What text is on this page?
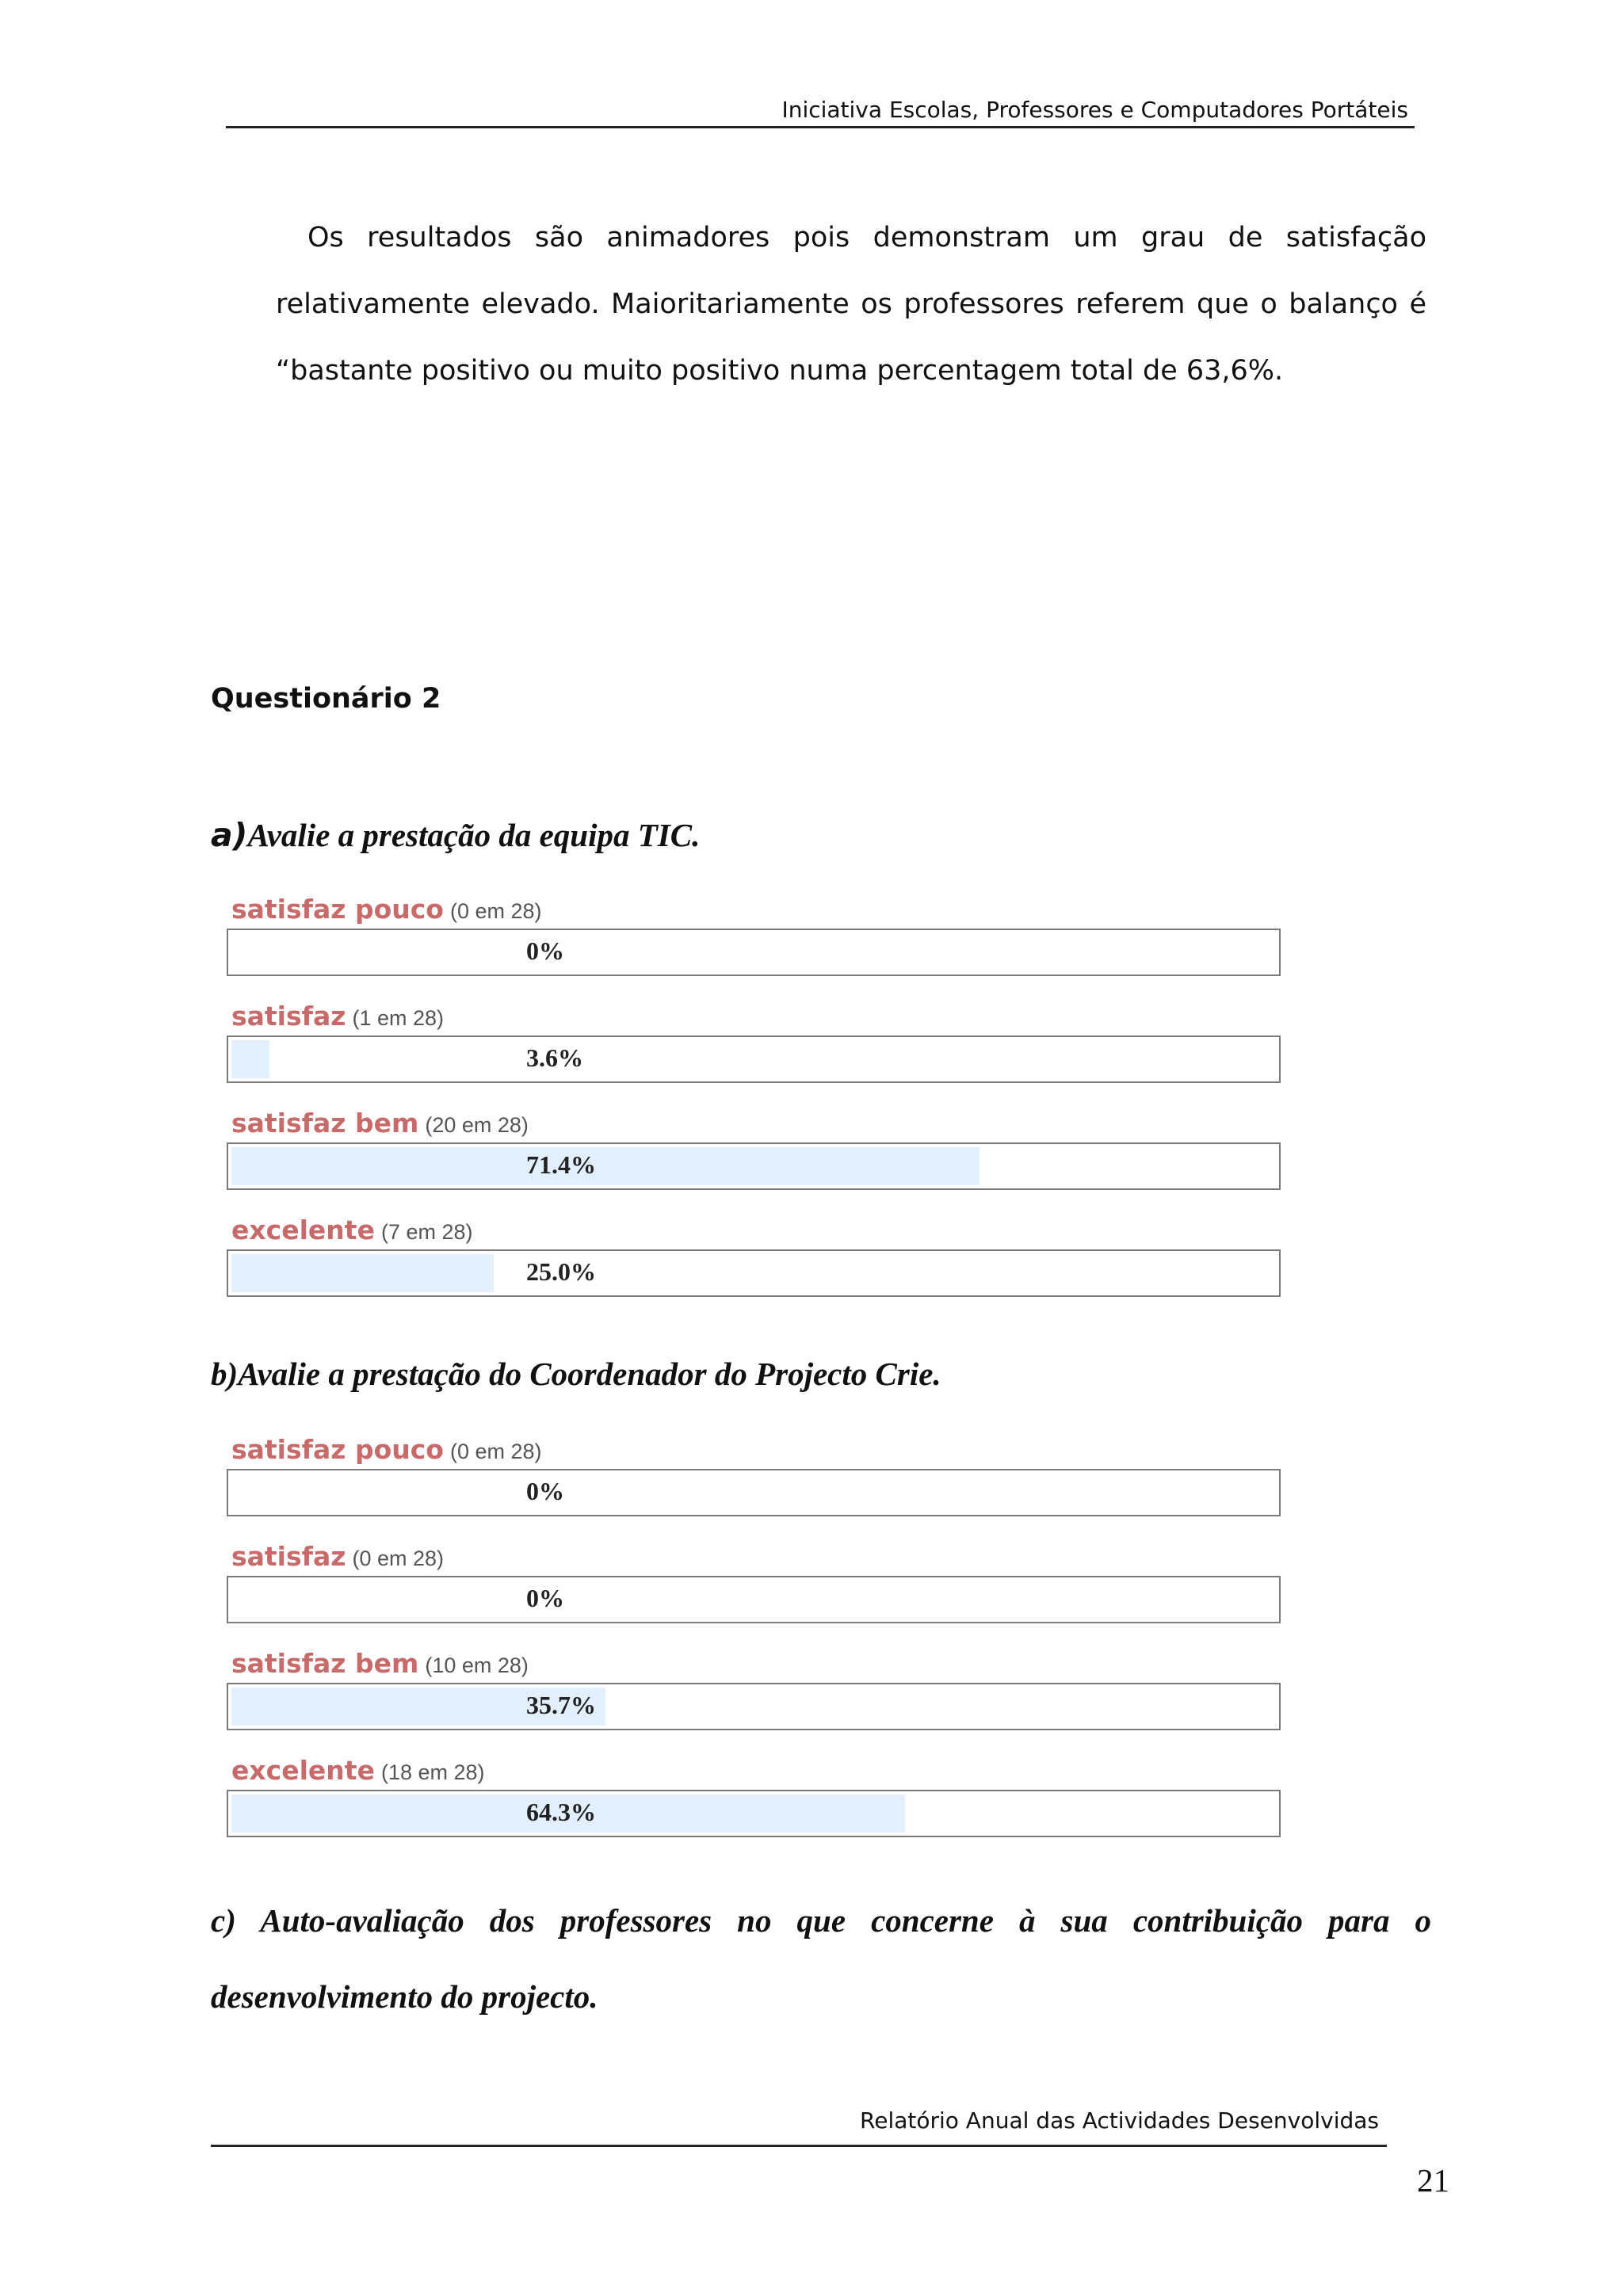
Iniciativa Escolas, Professores e Computadores Portáteis

Os resultados são animadores pois demonstram um grau de satisfação relativamente elevado. Maioritariamente os professores referem que o balanço é “bastante positivo ou muito positivo numa percentagem total de 63,6%.

Questionário 2
a)Avalie a prestação da equipa TIC.
satisfaz pouco (0 em 28)
0%
satisfaz (1 em 28)
3.6%
satisfaz bem (20 em 28)
71.4%
excelente (7 em 28)
25.0%
b)Avalie a prestação do Coordenador do Projecto Crie.
satisfaz pouco (0 em 28)
0%
satisfaz (0 em 28)
0%
satisfaz bem (10 em 28)
35.7%
excelente (18 em 28)
64.3%

c) Auto-avaliação dos professores no que concerne à sua contribuição para o desenvolvimento do projecto.

Relatório Anual das Actividades Desenvolvidas
21
